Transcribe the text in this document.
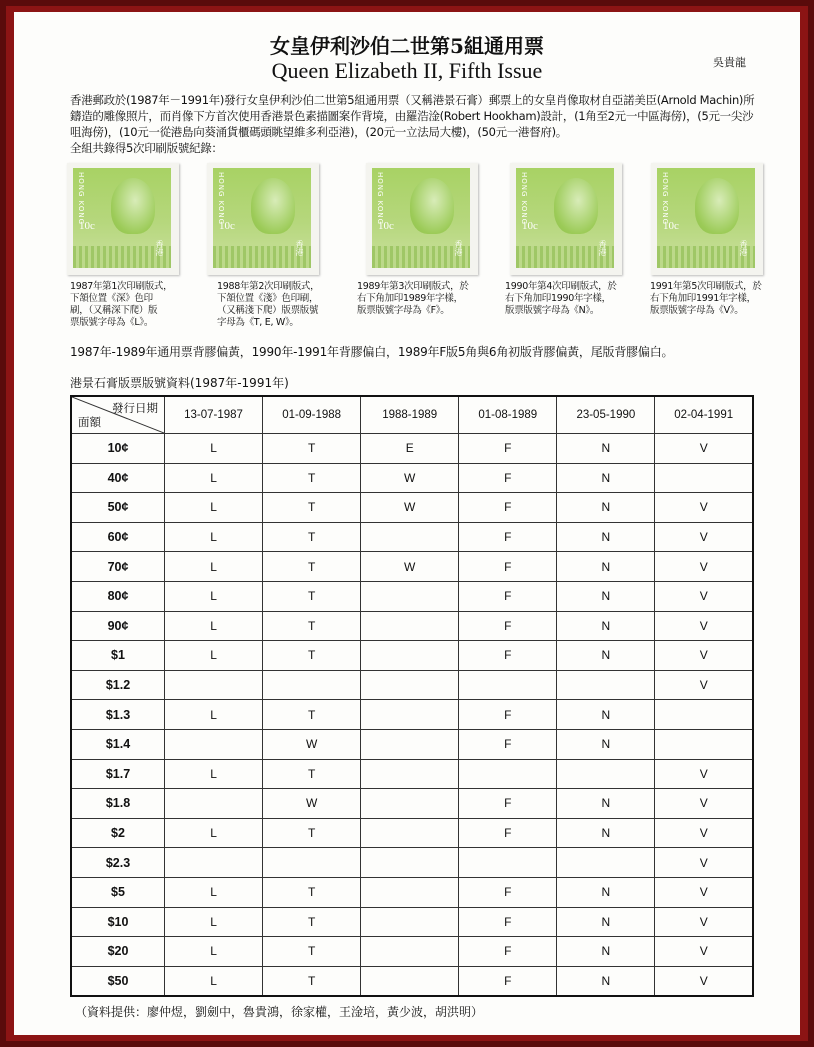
女皇伊利沙伯二世第5組通用票
Queen Elizabeth II, Fifth Issue	吳貴龍
香港郵政於(1987年－1991年)發行女皇伊利沙伯二世第5組通用票（又稱港景石膏）郵票上的女皇肖像取材自亞諾美臣(Arnold Machin)所鑄造的雕像照片，而肖像下方首次使用香港景色素描圖案作背境，由羅浩淦(Robert Hookham)設計，(1角至2元一中區海傍)，(5元一尖沙咀海傍)，(10元一從港島向葵涌貨櫃碼頭眺望維多利亞港)，(20元一立法局大樓)，(50元一港督府)。
全組共錄得5次印刷版號紀錄：
HONG KONG
10c
香港
1987年第1次印刷版式，
下頷位置《深》色印
刷，（又稱深下爬）版
票版號字母為《L》。
HONG KONG
10c
香港
1988年第2次印刷版式，
下頷位置《淺》色印刷，
（又稱淺下爬）版票版號
字母為《T, E, W》。
HONG KONG
10c
香港
1989年第3次印刷版式，於
右下角加印1989年字樣，
版票版號字母為《F》。
HONG KONG
10c
香港
1990年第4次印刷版式，於
右下角加印1990年字樣，
版票版號字母為《N》。
HONG KONG
10c
香港
1991年第5次印刷版式，於
右下角加印1991年字樣，
版票版號字母為《V》。
1987年-1989年通用票背膠偏黃，1990年-1991年背膠偏白，1989年F版5角與6角初版背膠偏黃，尾版背膠偏白。
港景石膏版票版號資料(1987年-1991年)
發行日期
面額	13-07-1987	01-09-1988	1988-1989	01-08-1989	23-05-1990	02-04-1991
10¢	L	T	E	F	N	V
40¢	L	T	W	F	N	
50¢	L	T	W	F	N	V
60¢	L	T		F	N	V
70¢	L	T	W	F	N	V
80¢	L	T		F	N	V
90¢	L	T		F	N	V
$1	L	T		F	N	V
$1.2						V
$1.3	L	T		F	N	
$1.4		W		F	N	
$1.7	L	T				V
$1.8		W		F	N	V
$2	L	T		F	N	V
$2.3						V
$5	L	T		F	N	V
$10	L	T		F	N	V
$20	L	T		F	N	V
$50	L	T		F	N	V
（資料提供：廖仲煜，劉劍中，魯貴鴻，徐家權，王淦培，黃少波，胡洪明）
